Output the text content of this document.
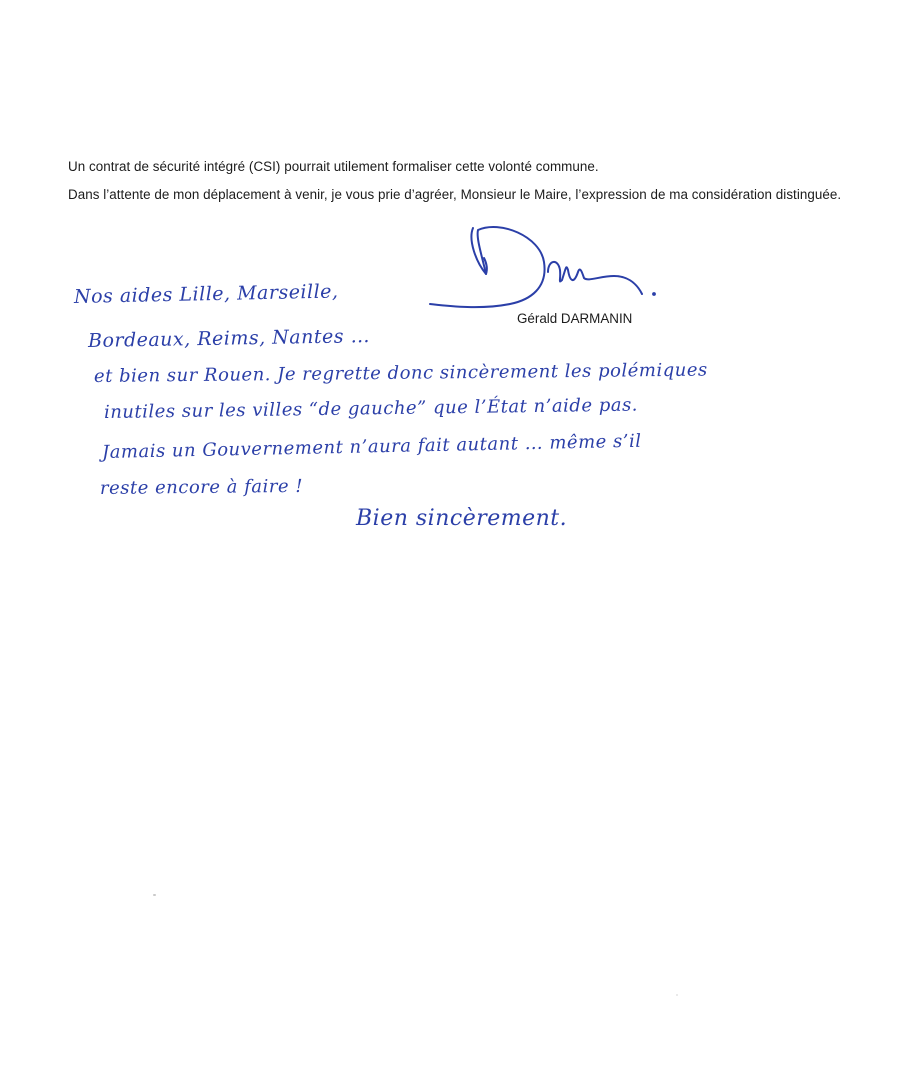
Un contrat de sécurité intégré (CSI) pourrait utilement formaliser cette volonté commune.

Dans l’attente de mon déplacement à venir, je vous prie d’agréer, Monsieur le Maire, l’expression de ma considération distinguée.

Gérald DARMANIN

Nos aides Lille, Marseille,

Bordeaux, Reims, Nantes …

et bien sur Rouen. Je regrette donc sincèrement les polémiques

inutiles sur les villes “de gauche” que l’État n’aide pas.

Jamais un Gouvernement n’aura fait autant … même s’il

reste encore à faire !

Bien sincèrement.
